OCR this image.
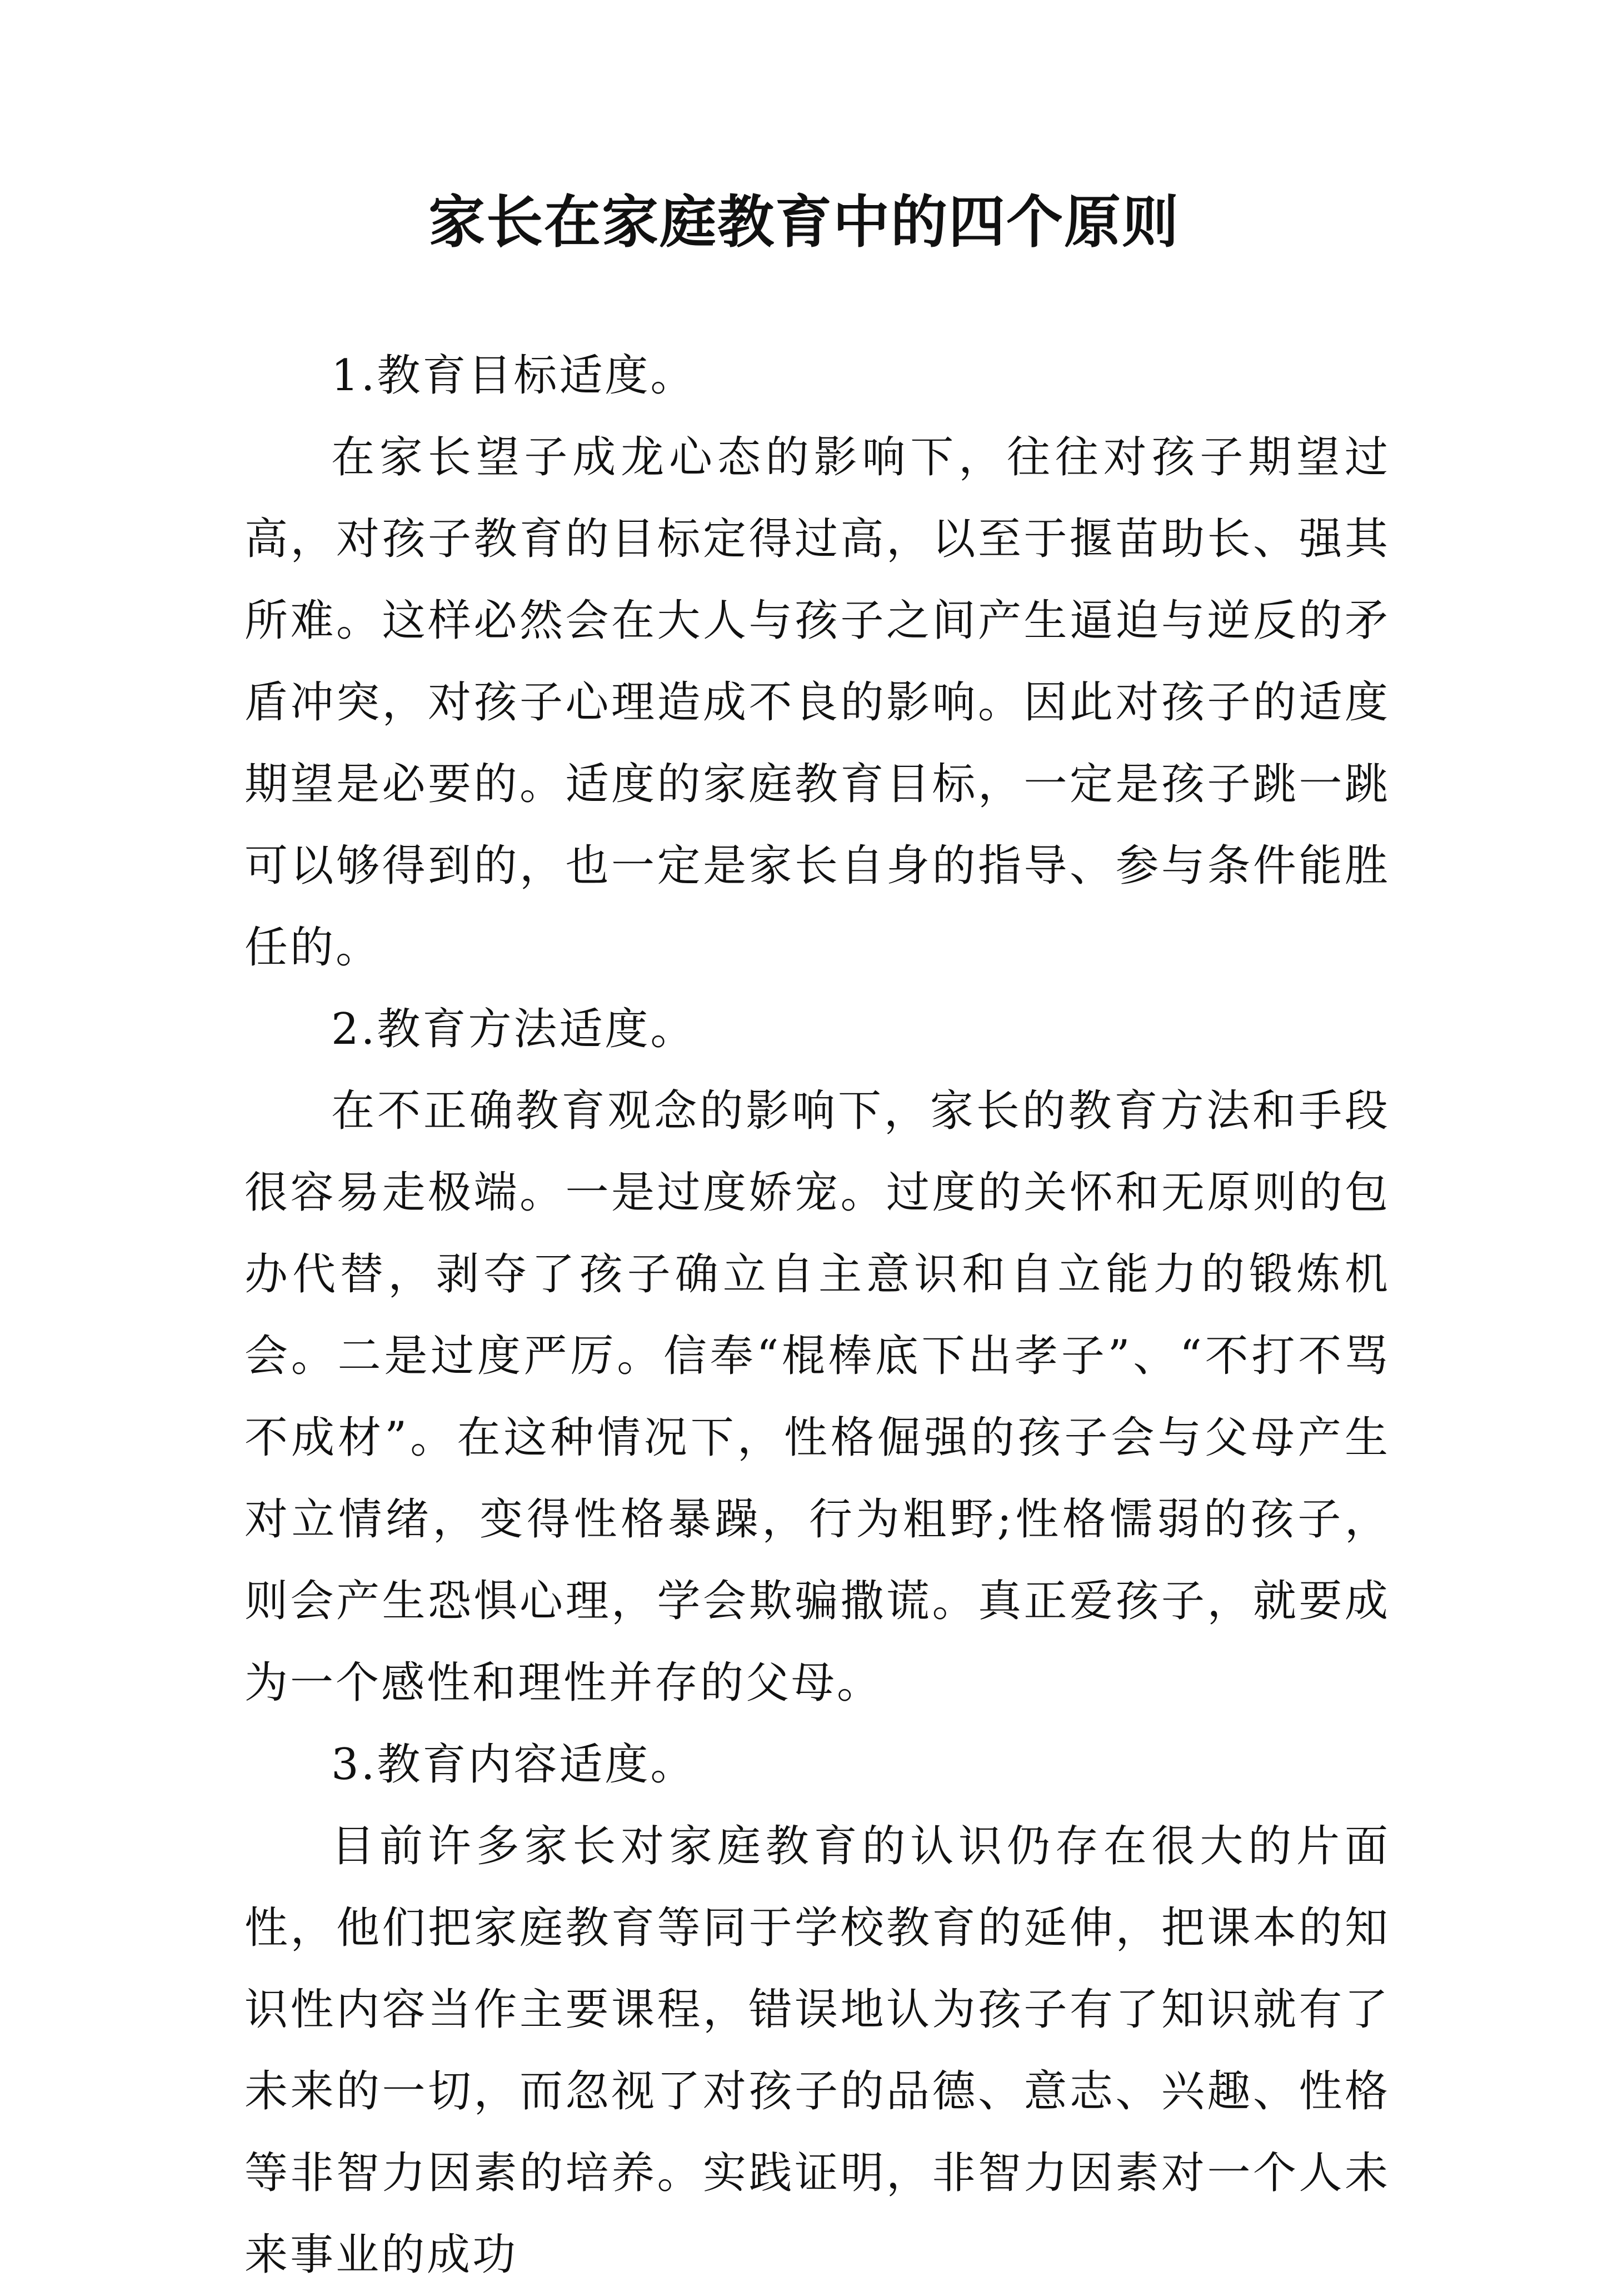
家长在家庭教育中的四个原则

1.教育目标适度。

在家长望子成龙心态的影响下，往往对孩子期望过高，对孩子教育的目标定得过高，以至于揠苗助长、强其所难。这样必然会在大人与孩子之间产生逼迫与逆反的矛盾冲突，对孩子心理造成不良的影响。因此对孩子的适度期望是必要的。适度的家庭教育目标，一定是孩子跳一跳可以够得到的，也一定是家长自身的指导、参与条件能胜任的。

2.教育方法适度。

在不正确教育观念的影响下，家长的教育方法和手段很容易走极端。一是过度娇宠。过度的关怀和无原则的包办代替，剥夺了孩子确立自主意识和自立能力的锻炼机会。二是过度严厉。信奉“棍棒底下出孝子”、“不打不骂不成材”。在这种情况下，性格倔强的孩子会与父母产生对立情绪，变得性格暴躁，行为粗野;性格懦弱的孩子，则会产生恐惧心理，学会欺骗撒谎。真正爱孩子，就要成为一个感性和理性并存的父母。

3.教育内容适度。

目前许多家长对家庭教育的认识仍存在很大的片面性，他们把家庭教育等同于学校教育的延伸，把课本的知识性内容当作主要课程，错误地认为孩子有了知识就有了未来的一切，而忽视了对孩子的品德、意志、兴趣、性格等非智力因素的培养。实践证明，非智力因素对一个人未来事业的成功
